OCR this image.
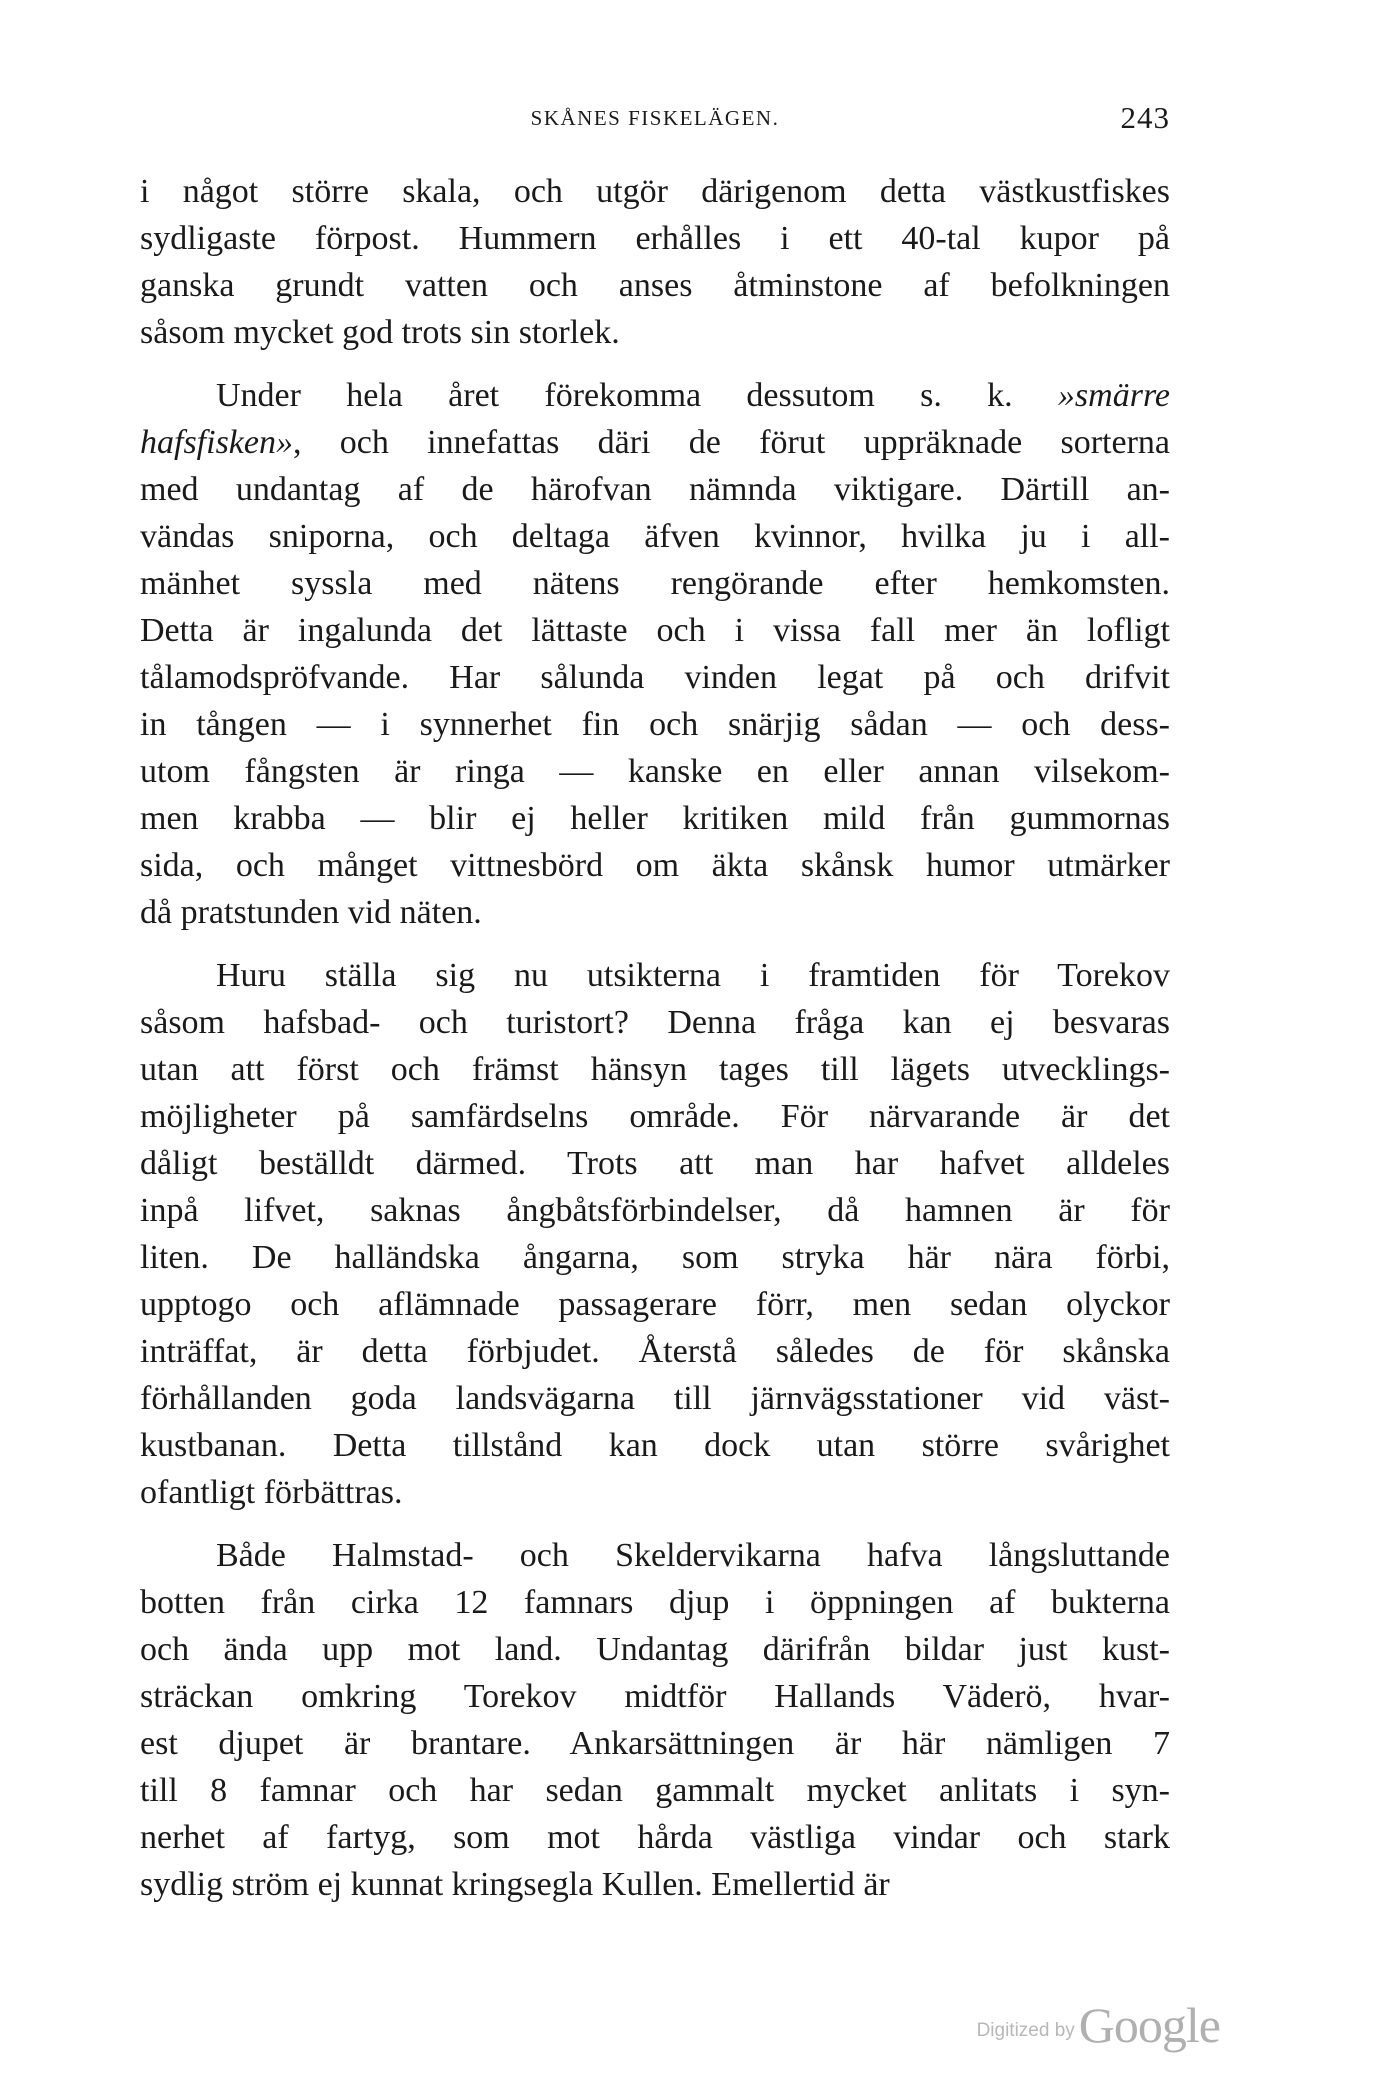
SKÅNES FISKELÄGEN.	243
i något större skala, och utgör därigenom detta västkustfiskes
sydligaste förpost. Hummern erhålles i ett 40-tal kupor på
ganska grundt vatten och anses åtminstone af befolkningen
såsom mycket god trots sin storlek.
Under hela året förekomma dessutom s. k. »smärre
hafsfisken», och innefattas däri de förut uppräknade sorterna
med undantag af de härofvan nämnda viktigare. Därtill an-
vändas sniporna, och deltaga äfven kvinnor, hvilka ju i all-
mänhet syssla med nätens rengörande efter hemkomsten.
Detta är ingalunda det lättaste och i vissa fall mer än lofligt
tålamodspröfvande. Har sålunda vinden legat på och drifvit
in tången — i synnerhet fin och snärjig sådan — och dess-
utom fångsten är ringa — kanske en eller annan vilsekom-
men krabba — blir ej heller kritiken mild från gummornas
sida, och månget vittnesbörd om äkta skånsk humor utmärker
då pratstunden vid näten.
Huru ställa sig nu utsikterna i framtiden för Torekov
såsom hafsbad- och turistort? Denna fråga kan ej besvaras
utan att först och främst hänsyn tages till lägets utvecklings-
möjligheter på samfärdselns område. För närvarande är det
dåligt beställdt därmed. Trots att man har hafvet alldeles
inpå lifvet, saknas ångbåtsförbindelser, då hamnen är för
liten. De halländska ångarna, som stryka här nära förbi,
upptogo och aflämnade passagerare förr, men sedan olyckor
inträffat, är detta förbjudet. Återstå således de för skånska
förhållanden goda landsvägarna till järnvägsstationer vid väst-
kustbanan. Detta tillstånd kan dock utan större svårighet
ofantligt förbättras.
Både Halmstad- och Skeldervikarna hafva långsluttande
botten från cirka 12 famnars djup i öppningen af bukterna
och ända upp mot land. Undantag därifrån bildar just kust-
sträckan omkring Torekov midtför Hallands Väderö, hvar-
est djupet är brantare. Ankarsättningen är här nämligen 7
till 8 famnar och har sedan gammalt mycket anlitats i syn-
nerhet af fartyg, som mot hårda västliga vindar och stark
sydlig ström ej kunnat kringsegla Kullen. Emellertid är
Digitized by Google
